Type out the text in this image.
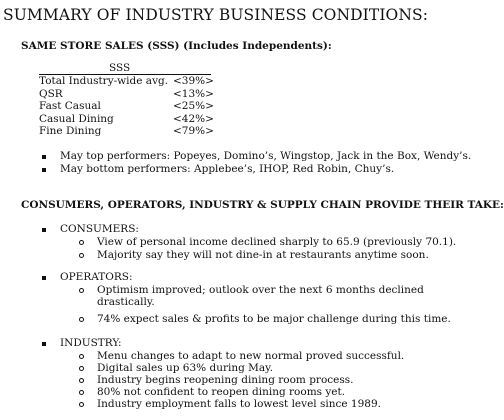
SUMMARY OF INDUSTRY BUSINESS CONDITIONS:
SAME STORE SALES (SSS) (Includes Independents):
SSS
Total Industry-wide avg. <39%>
QSR	<13%>
Fast Casual	<25%>
Casual Dining	<42%>
Fine Dining	<79%>
May top performers: Popeyes, Domino’s, Wingstop, Jack in the Box, Wendy’s.
May bottom performers: Applebee’s, IHOP, Red Robin, Chuy’s.
CONSUMERS, OPERATORS, INDUSTRY & SUPPLY CHAIN PROVIDE THEIR TAKE:
CONSUMERS:
View of personal income declined sharply to 65.9 (previously 70.1).
Majority say they will not dine-in at restaurants anytime soon.
OPERATORS:
Optimism improved; outlook over the next 6 months declined
drastically.
74% expect sales & profits to be major challenge during this time.
INDUSTRY:
Menu changes to adapt to new normal proved successful.
Digital sales up 63% during May.
Industry begins reopening dining room process.
80% not confident to reopen dining rooms yet.
Industry employment falls to lowest level since 1989.
